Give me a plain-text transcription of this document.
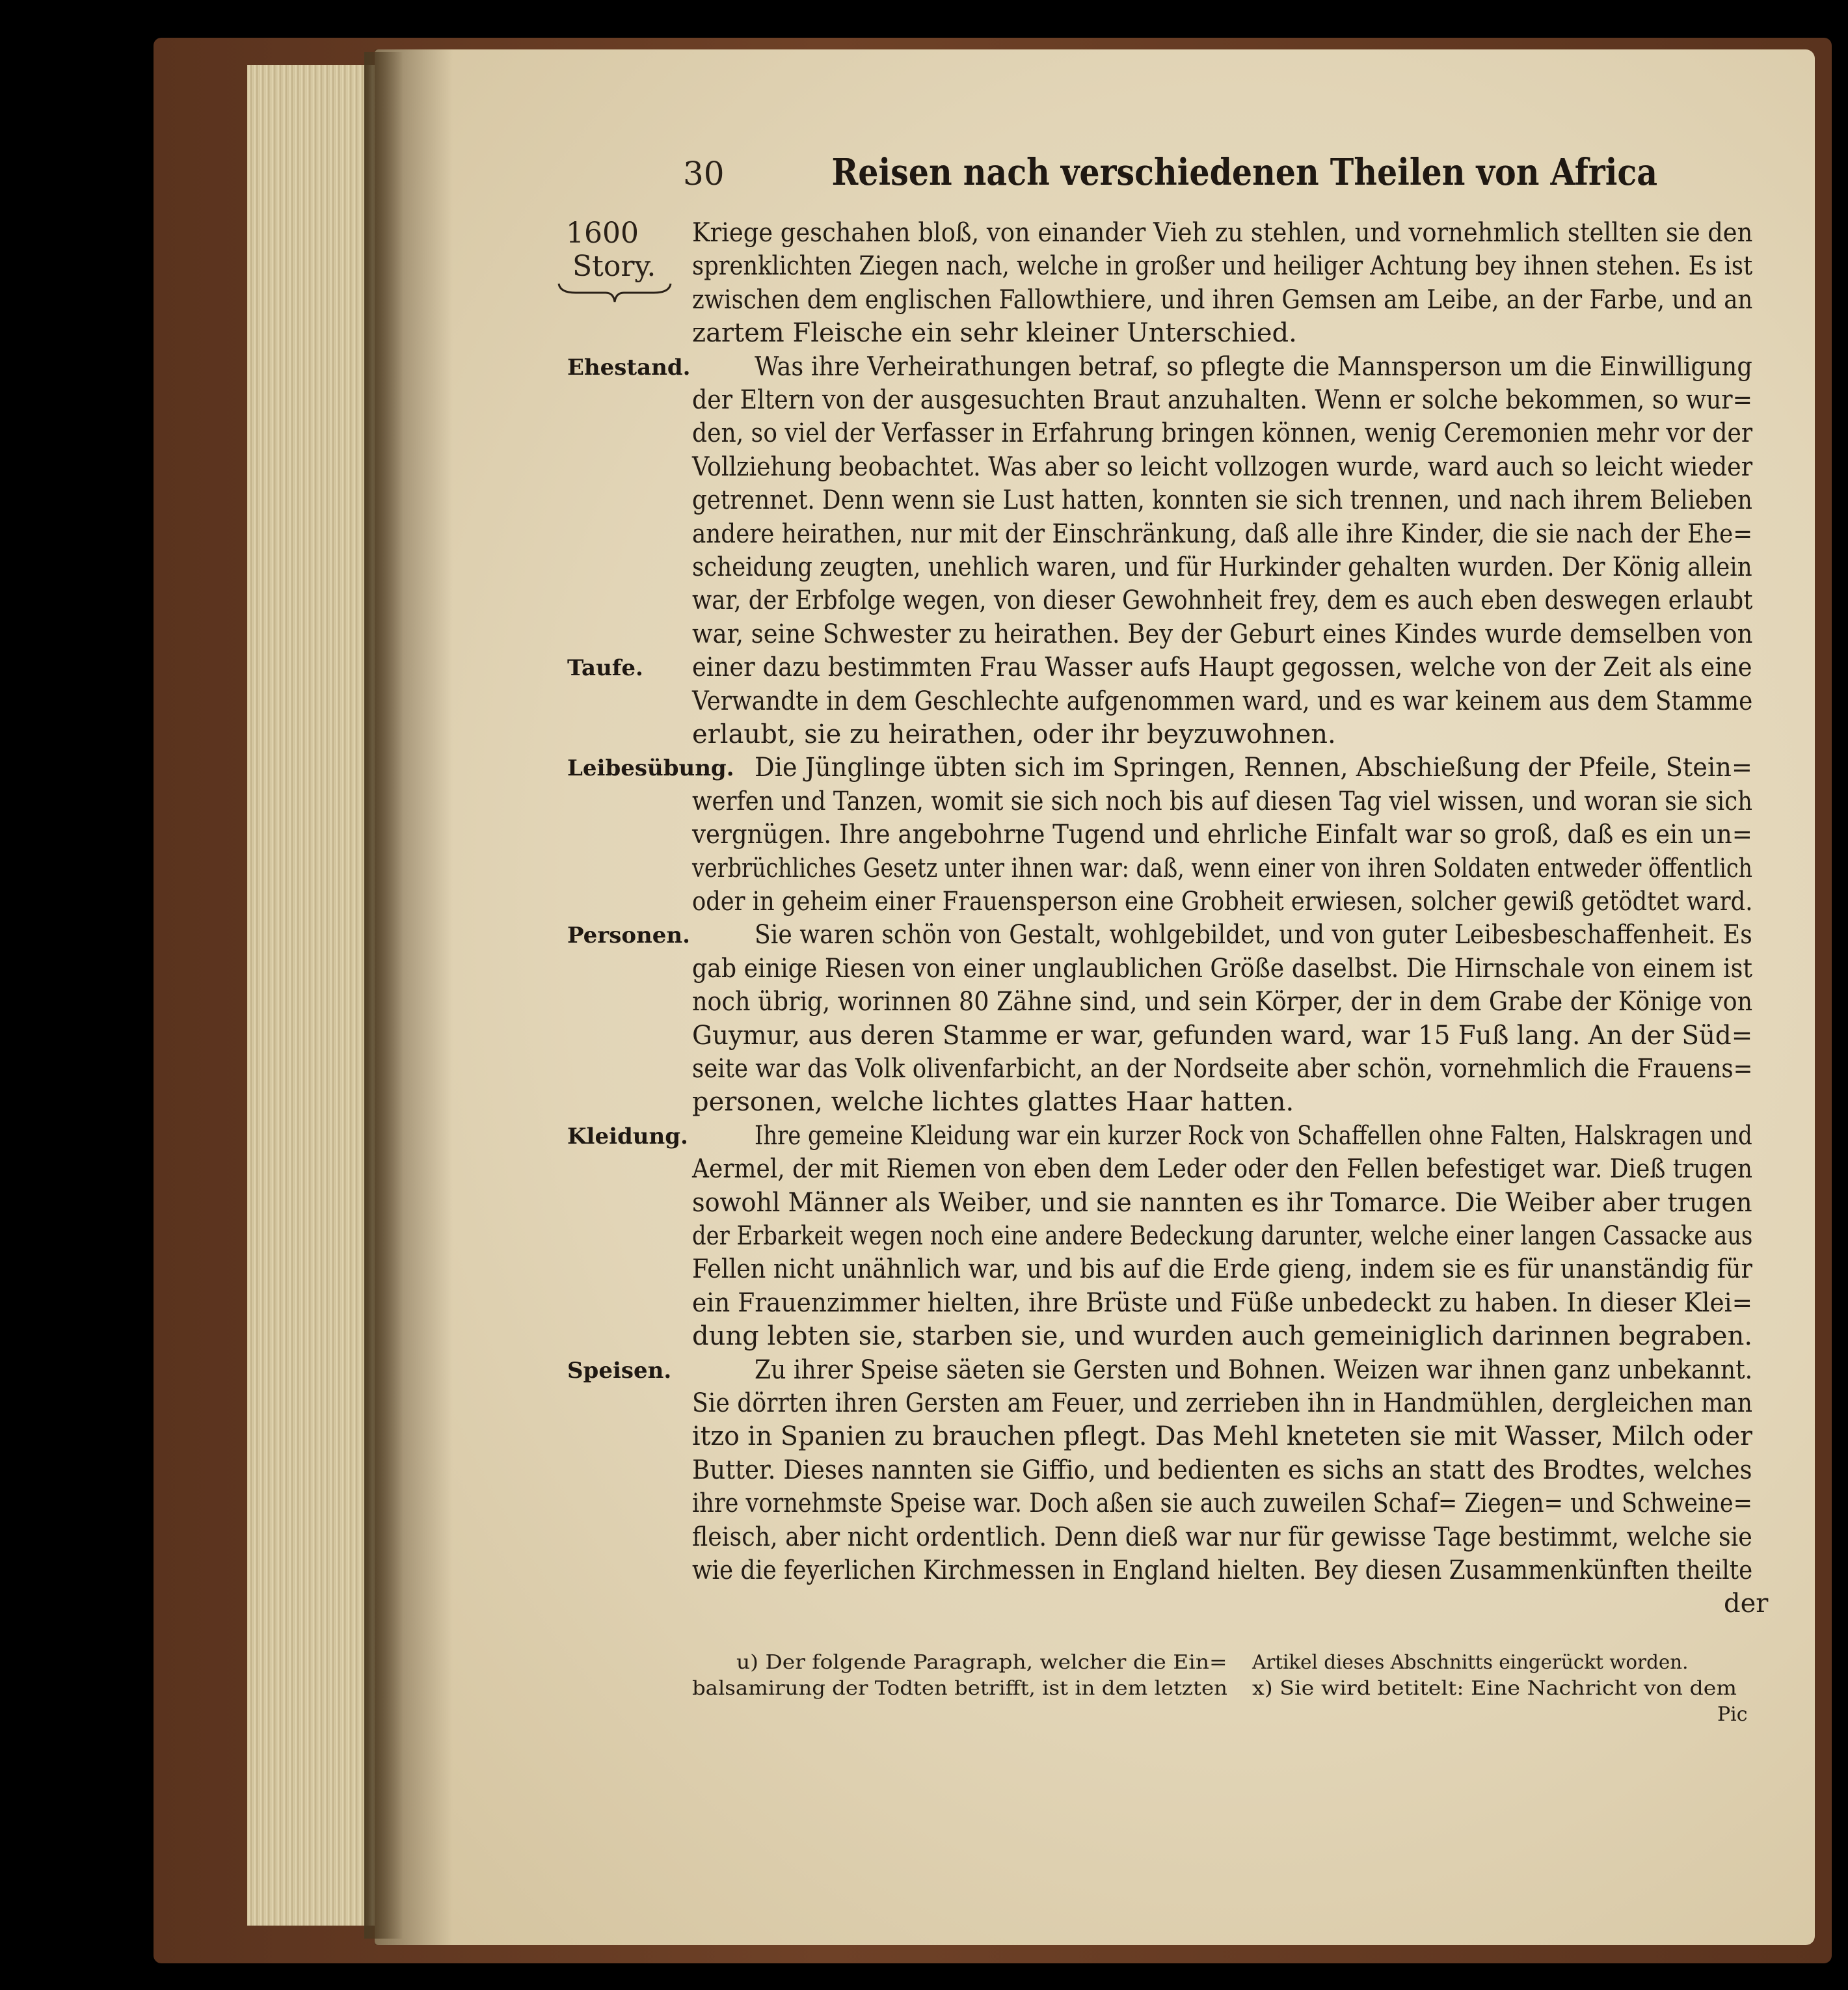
30	Reisen nach verschiedenen Theilen von Africa
1600
Story.
Ehestand.
Taufe.
Leibesübung.
Personen.
Kleidung.
Speisen.
Kriege geschahen bloß, von einander Vieh zu stehlen, und vornehmlich stellten sie den
sprenklichten Ziegen nach, welche in großer und heiliger Achtung bey ihnen stehen. Es ist
zwischen dem englischen Fallowthiere, und ihren Gemsen am Leibe, an der Farbe, und an
zartem Fleische ein sehr kleiner Unterschied.
Was ihre Verheirathungen betraf, so pflegte die Mannsperson um die Einwilligung
der Eltern von der ausgesuchten Braut anzuhalten. Wenn er solche bekommen, so wur=
den, so viel der Verfasser in Erfahrung bringen können, wenig Ceremonien mehr vor der
Vollziehung beobachtet. Was aber so leicht vollzogen wurde, ward auch so leicht wieder
getrennet. Denn wenn sie Lust hatten, konnten sie sich trennen, und nach ihrem Belieben
andere heirathen, nur mit der Einschränkung, daß alle ihre Kinder, die sie nach der Ehe=
scheidung zeugten, unehlich waren, und für Hurkinder gehalten wurden. Der König allein
war, der Erbfolge wegen, von dieser Gewohnheit frey, dem es auch eben deswegen erlaubt
war, seine Schwester zu heirathen. Bey der Geburt eines Kindes wurde demselben von
einer dazu bestimmten Frau Wasser aufs Haupt gegossen, welche von der Zeit als eine
Verwandte in dem Geschlechte aufgenommen ward, und es war keinem aus dem Stamme
erlaubt, sie zu heirathen, oder ihr beyzuwohnen.
Die Jünglinge übten sich im Springen, Rennen, Abschießung der Pfeile, Stein=
werfen und Tanzen, womit sie sich noch bis auf diesen Tag viel wissen, und woran sie sich
vergnügen. Ihre angebohrne Tugend und ehrliche Einfalt war so groß, daß es ein un=
verbrüchliches Gesetz unter ihnen war: daß, wenn einer von ihren Soldaten entweder öffentlich
oder in geheim einer Frauensperson eine Grobheit erwiesen, solcher gewiß getödtet ward.
Sie waren schön von Gestalt, wohlgebildet, und von guter Leibesbeschaffenheit. Es
gab einige Riesen von einer unglaublichen Größe daselbst. Die Hirnschale von einem ist
noch übrig, worinnen 80 Zähne sind, und sein Körper, der in dem Grabe der Könige von
Guymur, aus deren Stamme er war, gefunden ward, war 15 Fuß lang. An der Süd=
seite war das Volk olivenfarbicht, an der Nordseite aber schön, vornehmlich die Frauens=
personen, welche lichtes glattes Haar hatten.
Ihre gemeine Kleidung war ein kurzer Rock von Schaffellen ohne Falten, Halskragen und
Aermel, der mit Riemen von eben dem Leder oder den Fellen befestiget war. Dieß trugen
sowohl Männer als Weiber, und sie nannten es ihr Tomarce. Die Weiber aber trugen
der Erbarkeit wegen noch eine andere Bedeckung darunter, welche einer langen Cassacke aus
Fellen nicht unähnlich war, und bis auf die Erde gieng, indem sie es für unanständig für
ein Frauenzimmer hielten, ihre Brüste und Füße unbedeckt zu haben. In dieser Klei=
dung lebten sie, starben sie, und wurden auch gemeiniglich darinnen begraben.
Zu ihrer Speise säeten sie Gersten und Bohnen. Weizen war ihnen ganz unbekannt.
Sie dörrten ihren Gersten am Feuer, und zerrieben ihn in Handmühlen, dergleichen man
itzo in Spanien zu brauchen pflegt. Das Mehl kneteten sie mit Wasser, Milch oder
Butter. Dieses nannten sie Giffio, und bedienten es sichs an statt des Brodtes, welches
ihre vornehmste Speise war. Doch aßen sie auch zuweilen Schaf= Ziegen= und Schweine=
fleisch, aber nicht ordentlich. Denn dieß war nur für gewisse Tage bestimmt, welche sie
wie die feyerlichen Kirchmessen in England hielten. Bey diesen Zusammenkünften theilte
der
u) Der folgende Paragraph, welcher die Ein=
balsamirung der Todten betrifft, ist in dem letzten
Artikel dieses Abschnitts eingerückt worden.
x) Sie wird betitelt: Eine Nachricht von dem
Pic
